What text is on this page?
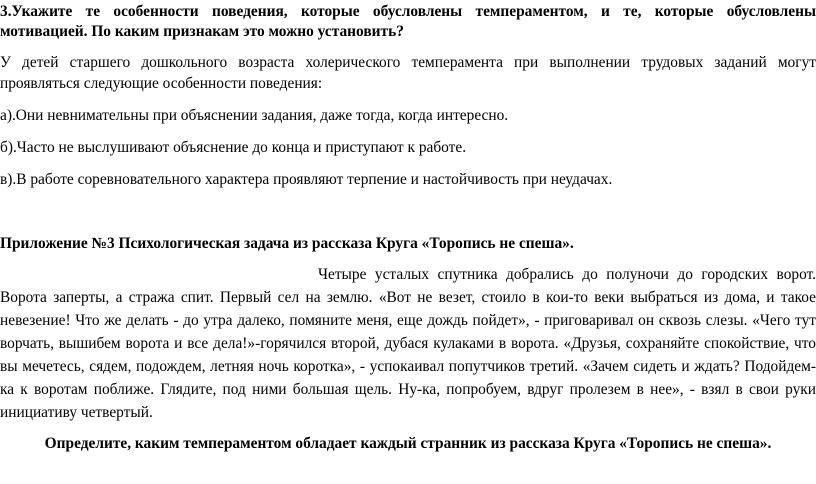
3.Укажите те особенности поведения, которые обусловлены темпераментом, и те, которые обусловлены
мотивацией. По каким признакам это можно установить?
У детей старшего дошкольного возраста холерического темперамента при выполнении трудовых заданий могут
проявляться следующие особенности поведения:
а).Они невнимательны при объяснении задания, даже тогда, когда интересно.
б).Часто не выслушивают объяснение до конца и приступают к работе.
в).В работе соревновательного характера проявляют терпение и настойчивость при неудачах.
Приложение №3 Психологическая задача из рассказа Круга «Торопись не спеша».
Четыре усталых спутника добрались до полуночи до городских ворот.
Ворота заперты, а стража спит. Первый сел на землю. «Вот не везет, стоило в кои-то веки выбраться из дома, и такое
невезение! Что же делать - до утра далеко, помяните меня, еще дождь пойдет», - приговаривал он сквозь слезы. «Чего тут
ворчать, вышибем ворота и все дела!»-горячился второй, дубася кулаками в ворота. «Друзья, сохраняйте спокойствие, что
вы мечетесь, сядем, подождем, летняя ночь коротка», - успокаивал попутчиков третий. «Зачем сидеть и ждать? Подойдем-
ка к воротам поближе. Глядите, под ними большая щель. Ну-ка, попробуем, вдруг пролезем в нее», - взял в свои руки
инициативу четвертый.
Определите, каким темпераментом обладает каждый странник из рассказа Круга «Торопись не спеша».
